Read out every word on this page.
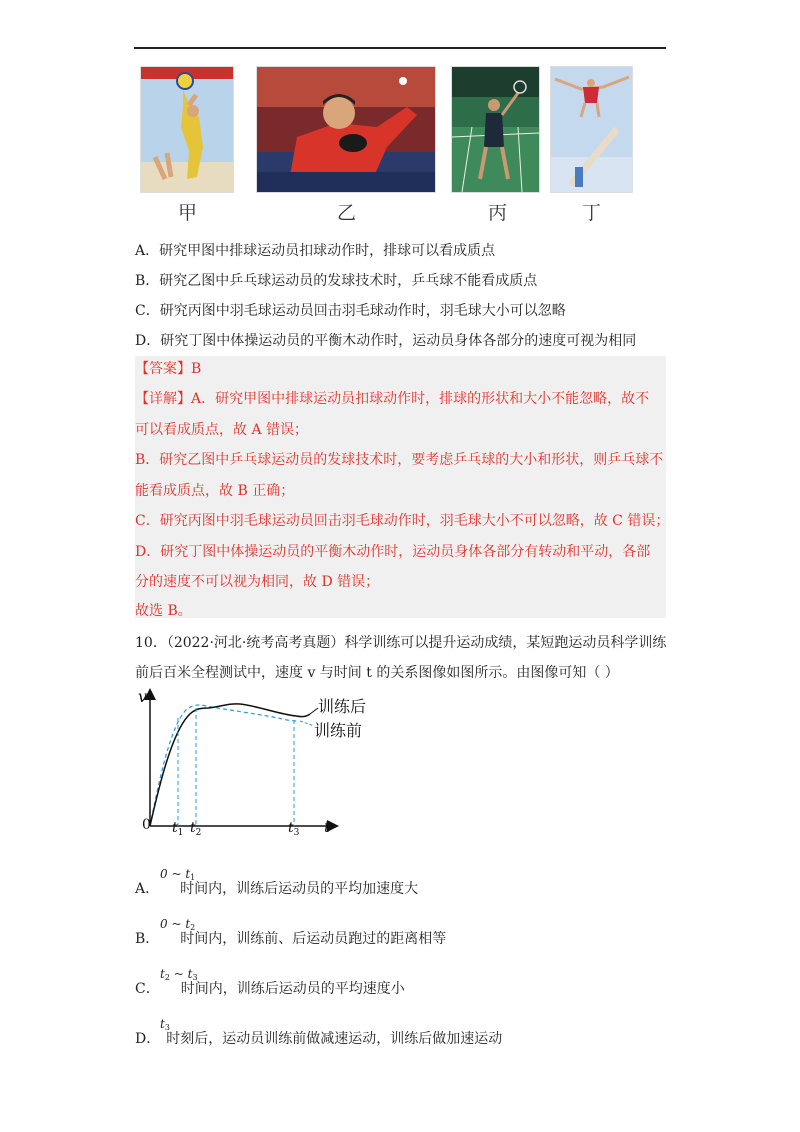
甲	乙	丙	丁
A．研究甲图中排球运动员扣球动作时，排球可以看成质点
B．研究乙图中乒乓球运动员的发球技术时，乒乓球不能看成质点
C．研究丙图中羽毛球运动员回击羽毛球动作时，羽毛球大小可以忽略
D．研究丁图中体操运动员的平衡木动作时，运动员身体各部分的速度可视为相同
【答案】B
【详解】A．研究甲图中排球运动员扣球动作时，排球的形状和大小不能忽略，故不
可以看成质点，故 A 错误；
B．研究乙图中乒乓球运动员的发球技术时，要考虑乒乓球的大小和形状，则乒乓球不
能看成质点，故 B 正确；
C．研究丙图中羽毛球运动员回击羽毛球动作时，羽毛球大小不可以忽略，故 C 错误；
D．研究丁图中体操运动员的平衡木动作时，运动员身体各部分有转动和平动，各部
分的速度不可以视为相同，故 D 错误；
故选 B。
10．（2022·河北·统考高考真题）科学训练可以提升运动成绩，某短跑运动员科学训练
前后百米全程测试中，速度 v 与时间 t 的关系图像如图所示。由图像可知（ ）
v
t
0 $t_1$ $t_2$	$t_3$
训练后
训练前
A．
0 ~ $t_1$
时间内，训练后运动员的平均加速度大
B．
0 ~ $t_2$
时间内，训练前、后运动员跑过的距离相等
C．
$t_2$ ~ $t_3$
时间内，训练后运动员的平均速度小
D．
$t_3$
时刻后，运动员训练前做减速运动，训练后做加速运动
